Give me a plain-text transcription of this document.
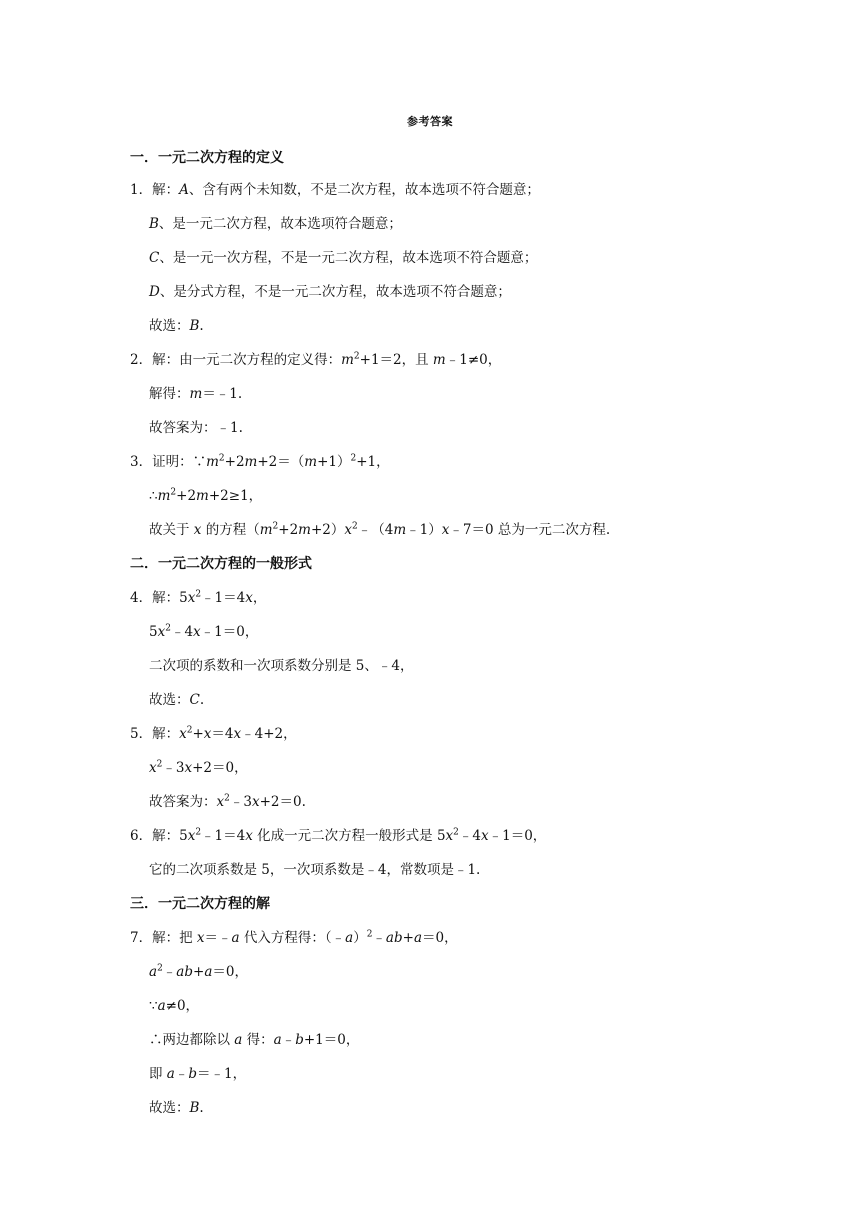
参考答案
一．一元二次方程的定义
1．解：A、含有两个未知数，不是二次方程，故本选项不符合题意；
B、是一元二次方程，故本选项符合题意；
C、是一元一次方程，不是一元二次方程，故本选项不符合题意；
D、是分式方程，不是一元二次方程，故本选项不符合题意；
故选：B.
2．解：由一元二次方程的定义得：$m^2+1=2$，且 m﹣1≠0，
解得：m＝﹣1.
故答案为：﹣1.
3．证明：$\because m^2+2m+2=(m+1)^2+1$，
$\therefore m^2+2m+2\ge 1$，
故关于 x 的方程$(m^2+2m+2)x^2﹣(4m﹣1)x﹣7=0$ 总为一元二次方程.
二．一元二次方程的一般形式
4．解：$5x^2﹣1=4x$，
$5x^2﹣4x﹣1=0$，
二次项的系数和一次项系数分别是 5、﹣4，
故选：C.
5．解：$x^2+x=4x﹣4+2$，
$x^2﹣3x+2=0$，
故答案为：$x^2﹣3x+2=0$.
6．解：$5x^2﹣1=4x$ 化成一元二次方程一般形式是 $5x^2﹣4x﹣1=0$，
它的二次项系数是 5，一次项系数是﹣4，常数项是﹣1.
三．一元二次方程的解
7．解：把 x＝﹣a 代入方程得：（﹣a）$^2$﹣ab+a＝0，
$a^2﹣ab+a=0$，
∵a≠0，
∴两边都除以 a 得：a﹣b+1＝0，
即 a﹣b＝﹣1，
故选：B.
